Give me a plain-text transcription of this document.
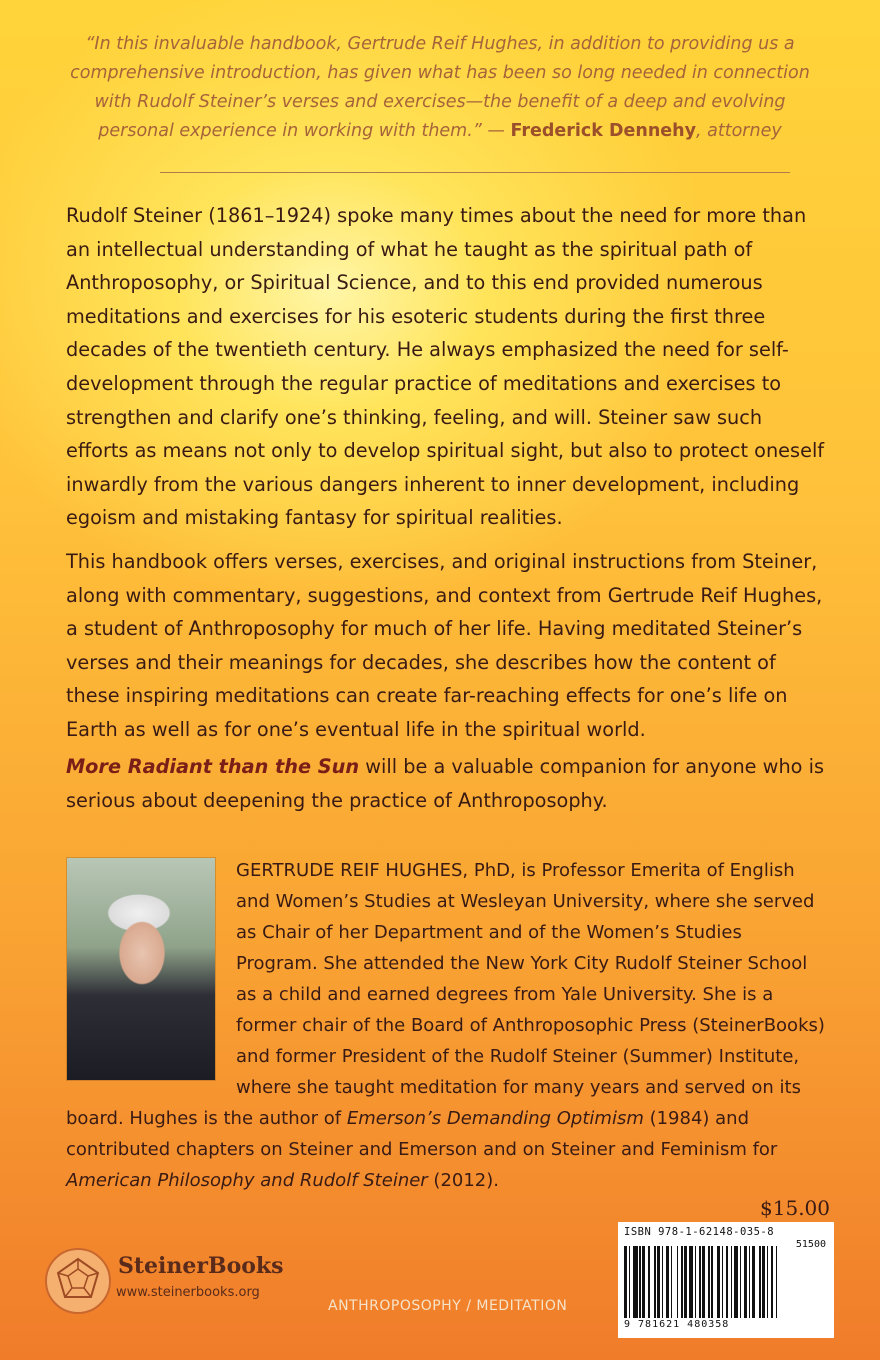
“In this invaluable handbook, Gertrude Reif Hughes, in addition to providing us a comprehensive introduction, has given what has been so long needed in connection with Rudolf Steiner’s verses and exercises—the benefit of a deep and evolving personal experience in working with them.” — Frederick Dennehy, attorney

Rudolf Steiner (1861–1924) spoke many times about the need for more than an intellectual understanding of what he taught as the spiritual path of Anthroposophy, or Spiritual Science, and to this end provided numerous meditations and exercises for his esoteric students during the first three decades of the twentieth century. He always emphasized the need for self-development through the regular practice of meditations and exercises to strengthen and clarify one’s thinking, feeling, and will. Steiner saw such efforts as means not only to develop spiritual sight, but also to protect oneself inwardly from the various dangers inherent to inner development, including egoism and mistaking fantasy for spiritual realities.

This handbook offers verses, exercises, and original instructions from Steiner, along with commentary, suggestions, and context from Gertrude Reif Hughes, a student of Anthroposophy for much of her life. Having meditated Steiner’s verses and their meanings for decades, she describes how the content of these inspiring meditations can create far-reaching effects for one’s life on Earth as well as for one’s eventual life in the spiritual world.

More Radiant than the Sun will be a valuable companion for anyone who is serious about deepening the practice of Anthroposophy.

GERTRUDE REIF HUGHES, PhD, is Professor Emerita of English and Women’s Studies at Wesleyan University, where she served as Chair of her Department and of the Women’s Studies Program. She attended the New York City Rudolf Steiner School as a child and earned degrees from Yale University. She is a former chair of the Board of Anthroposophic Press (SteinerBooks) and former President of the Rudolf Steiner (Summer) Institute, where she taught meditation for many years and served on its board. Hughes is the author of Emerson’s Demanding Optimism (1984) and contributed chapters on Steiner and Emerson and on Steiner and Feminism for American Philosophy and Rudolf Steiner (2012).

$15.00
ISBN 978-1-62148-035-8
51500
9 781621 480358
SteinerBooks
www.steinerbooks.org
ANTHROPOSOPHY / MEDITATION
